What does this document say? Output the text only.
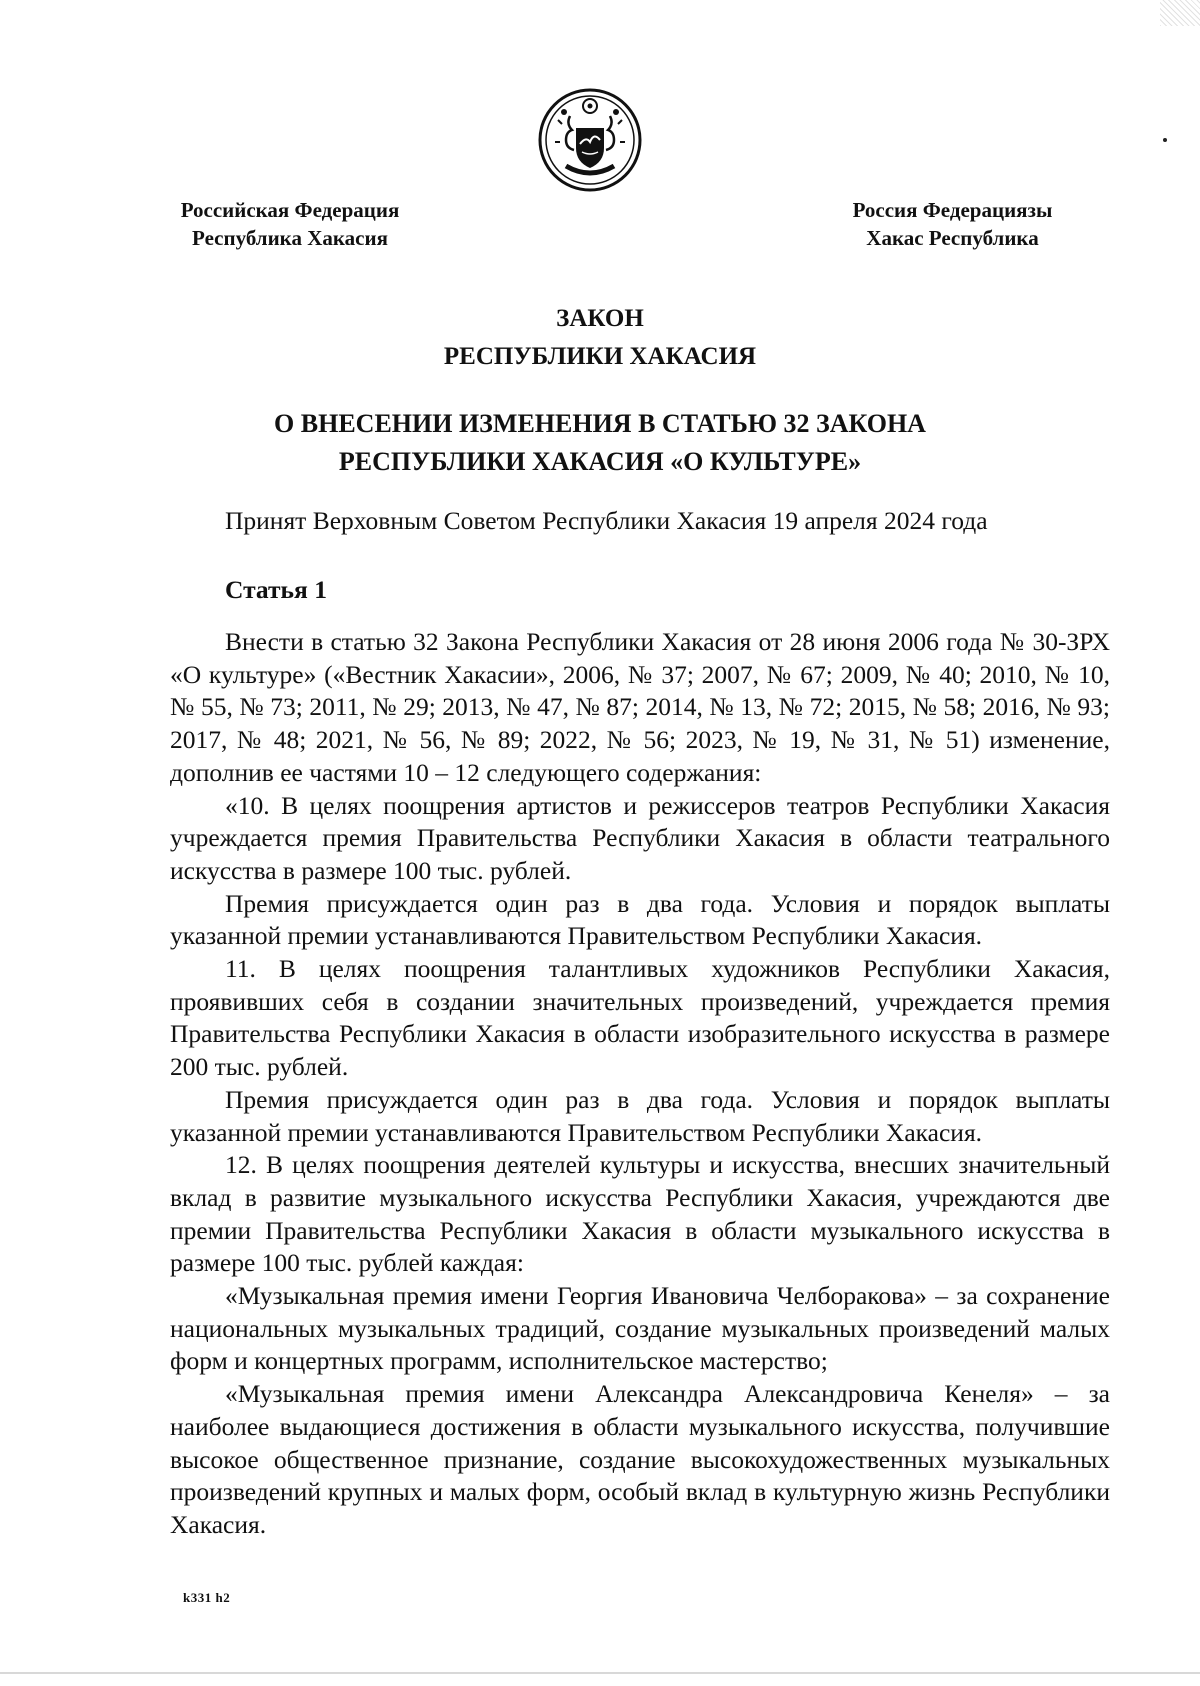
Российская Федерация
Республика Хакасия
Россия Федерациязы
Хакас Республика
ЗАКОН
РЕСПУБЛИКИ ХАКАСИЯ
О ВНЕСЕНИИ ИЗМЕНЕНИЯ В СТАТЬЮ 32 ЗАКОНА
РЕСПУБЛИКИ ХАКАСИЯ «О КУЛЬТУРЕ»
Принят Верховным Советом Республики Хакасия 19 апреля 2024 года
Статья 1

Внести в статью 32 Закона Республики Хакасия от 28 июня 2006 года № 30-ЗРХ «О культуре» («Вестник Хакасии», 2006, № 37; 2007, № 67; 2009, № 40; 2010, № 10, № 55, № 73; 2011, № 29; 2013, № 47, № 87; 2014, № 13, № 72; 2015, № 58; 2016, № 93; 2017, № 48; 2021, № 56, № 89; 2022, № 56; 2023, № 19, № 31, № 51) изменение, дополнив ее частями 10 – 12 следующего содержания:

«10. В целях поощрения артистов и режиссеров театров Республики Хакасия учреждается премия Правительства Республики Хакасия в области театрального искусства в размере 100 тыс. рублей.

Премия присуждается один раз в два года. Условия и порядок выплаты указанной премии устанавливаются Правительством Республики Хакасия.

11. В целях поощрения талантливых художников Республики Хакасия, проявивших себя в создании значительных произведений, учреждается премия Правительства Республики Хакасия в области изобразительного искусства в размере 200 тыс. рублей.

Премия присуждается один раз в два года. Условия и порядок выплаты указанной премии устанавливаются Правительством Республики Хакасия.

12. В целях поощрения деятелей культуры и искусства, внесших значительный вклад в развитие музыкального искусства Республики Хакасия, учреждаются две премии Правительства Республики Хакасия в области музыкального искусства в размере 100 тыс. рублей каждая:

«Музыкальная премия имени Георгия Ивановича Челборакова» – за сохранение национальных музыкальных традиций, создание музыкальных произведений малых форм и концертных программ, исполнительское мастерство;

«Музыкальная премия имени Александра Александровича Кенеля» – за наиболее выдающиеся достижения в области музыкального искусства, получившие высокое общественное признание, создание высокохудожественных музыкальных произведений крупных и малых форм, особый вклад в культурную жизнь Республики Хакасия.

k331 h2
